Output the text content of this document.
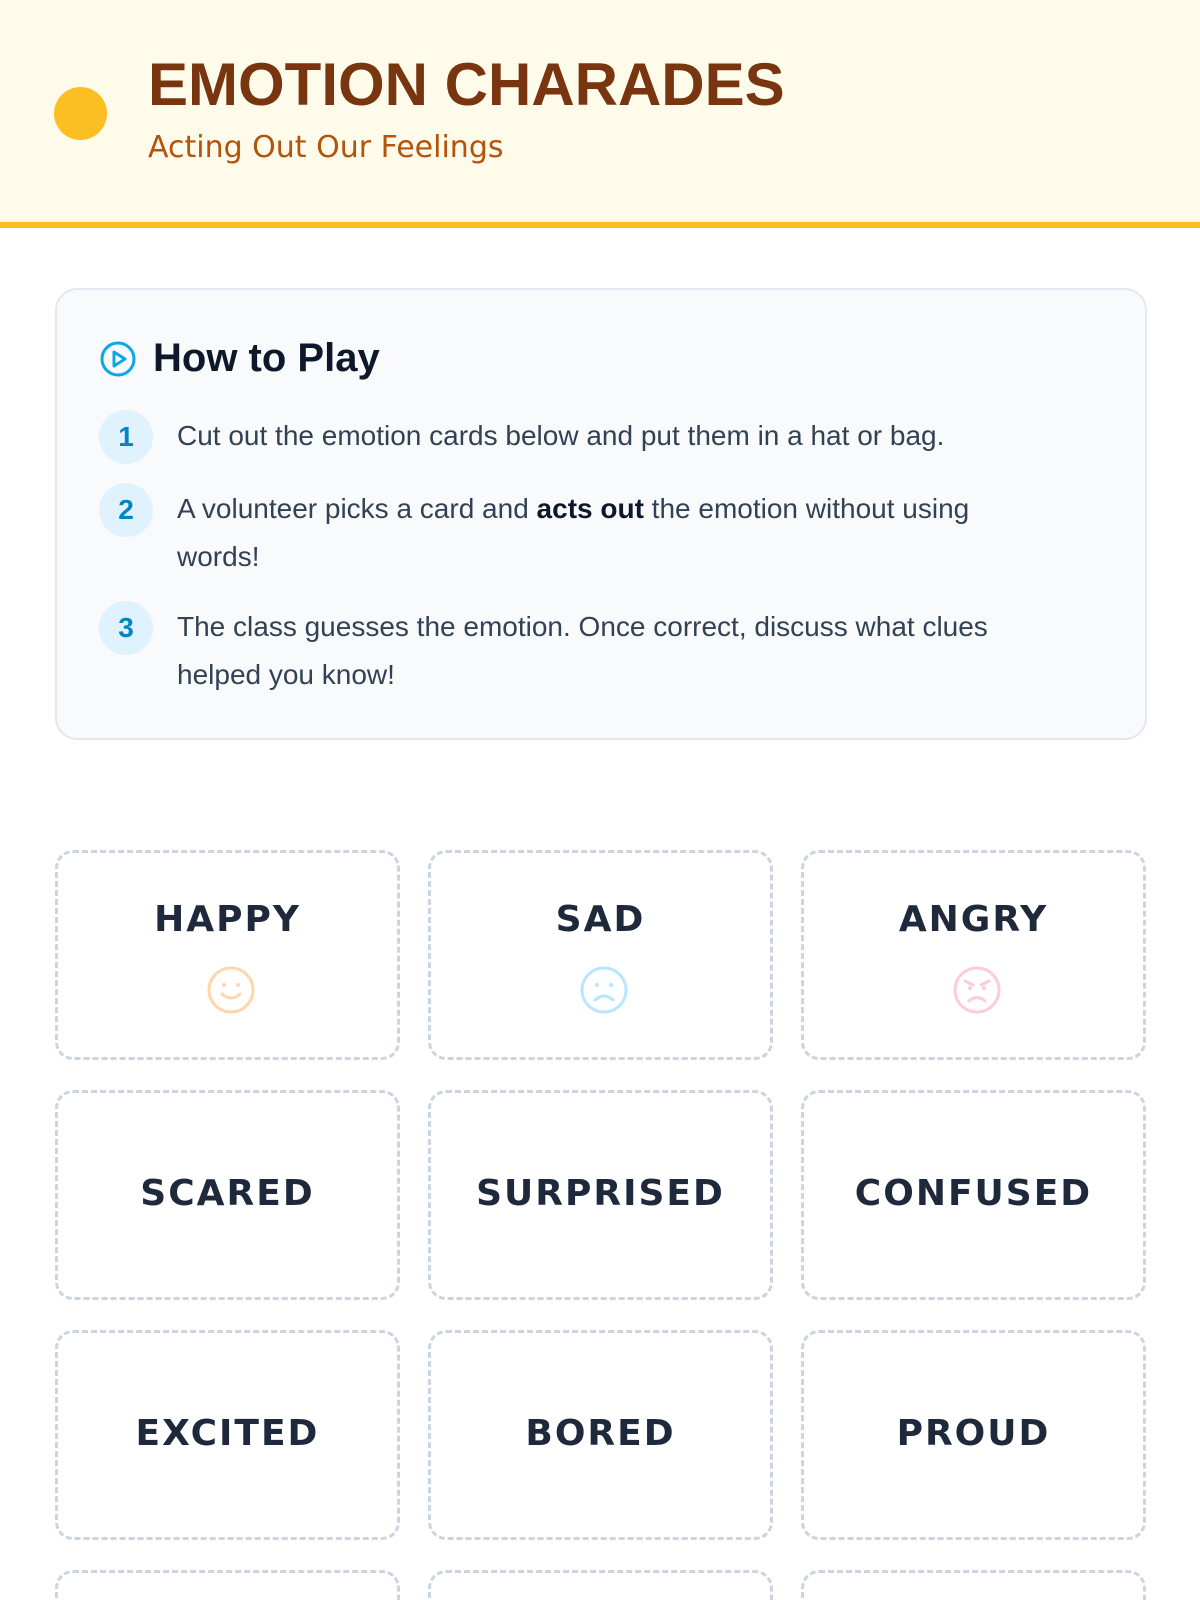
EMOTION CHARADES
Acting Out Our Feelings
How to Play
1	Cut out the emotion cards below and put them in a hat or bag.
2	A volunteer picks a card and acts out the emotion without using words!
3	The class guesses the emotion. Once correct, discuss what clues helped you know!
HAPPY	SAD	ANGRY
SCARED	SURPRISED	CONFUSED
EXCITED	BORED	PROUD
